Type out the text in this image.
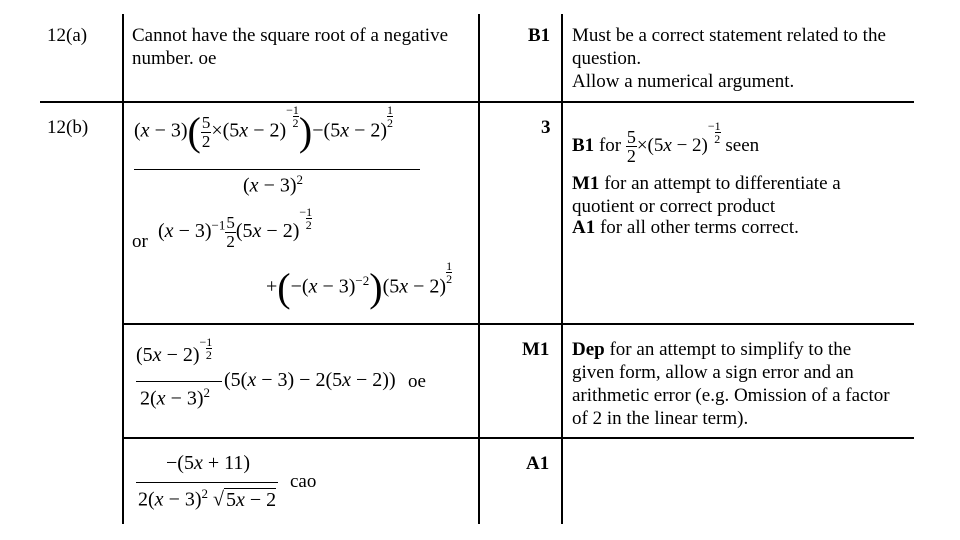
12(a) Cannot have the square root of a negative
number. oe
B1 Must be a correct statement related to the
question.
Allow a numerical argument.
12(b)	3
$(x - 3)( \frac{5}{2} \times(5x - 2)-1$
2)−(5x − 2)
$\frac{1}{2}$
$(x - 3)^2$
or $(x - 3)^{-1} \frac{5}{2} (5x - 2)-1$
2
$+(-(x - 3)^{-2})(5x - 2)$
$\frac{1}{2}$
B1 for $\frac{5}{2} \times(5x - 2)-1$
2 seen
M1 for an attempt to differentiate a
quotient or correct product
A1 for all other terms correct.
(5x − 2)−1
2
$2(x - 3)^2$
(5(x − 3) − 2(5x − 2)) oe
M1 Dep for an attempt to simplify to the
given form, allow a sign error and an
arithmetic error (e.g. Omission of a factor
of 2 in the linear term).
−(5x + 11)
$2(x - 3)^2$ √ 5x − 2
cao
A1
